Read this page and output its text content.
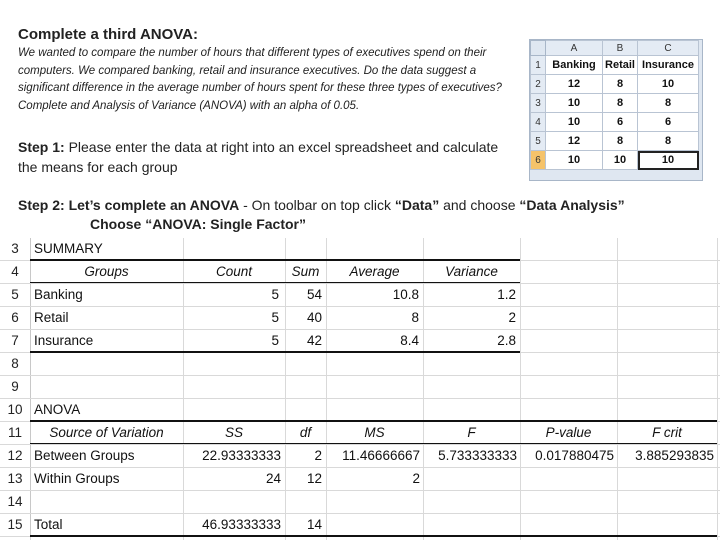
Complete a third ANOVA:
We wanted to compare the number of hours that different types of executives spend on their computers. We compared banking, retail and insurance executives. Do the data suggest a significant difference in the average number of hours spent for these three types of executives? Complete and Analysis of Variance (ANOVA) with an alpha of 0.05.
Step 1: Please enter the data at right into an excel spreadsheet and calculate the means for each group
Step 2: Let’s complete an ANOVA - On toolbar on top click “Data” and choose “Data Analysis”
Choose “ANOVA: Single Factor”
	A	B	C
1	Banking	Retail	Insurance
2	12	8	10
3	10	8	8
4	10	6	6
5	12	8	8
6	10	10	10
3	SUMMARY
4	Groups	Count	Sum	Average	Variance
5	Banking	5	54	10.8	1.2
6	Retail	5	40	8	2
7	Insurance	5	42	8.4	2.8
8
9
10 ANOVA
11	Source of Variation	SS	df	MS	F	P-value	F crit
12 Between Groups	22.93333333	2	11.46666667	5.733333333	0.017880475	3.885293835
13 Within Groups	24	12	2
14
15 Total	46.93333333	14
